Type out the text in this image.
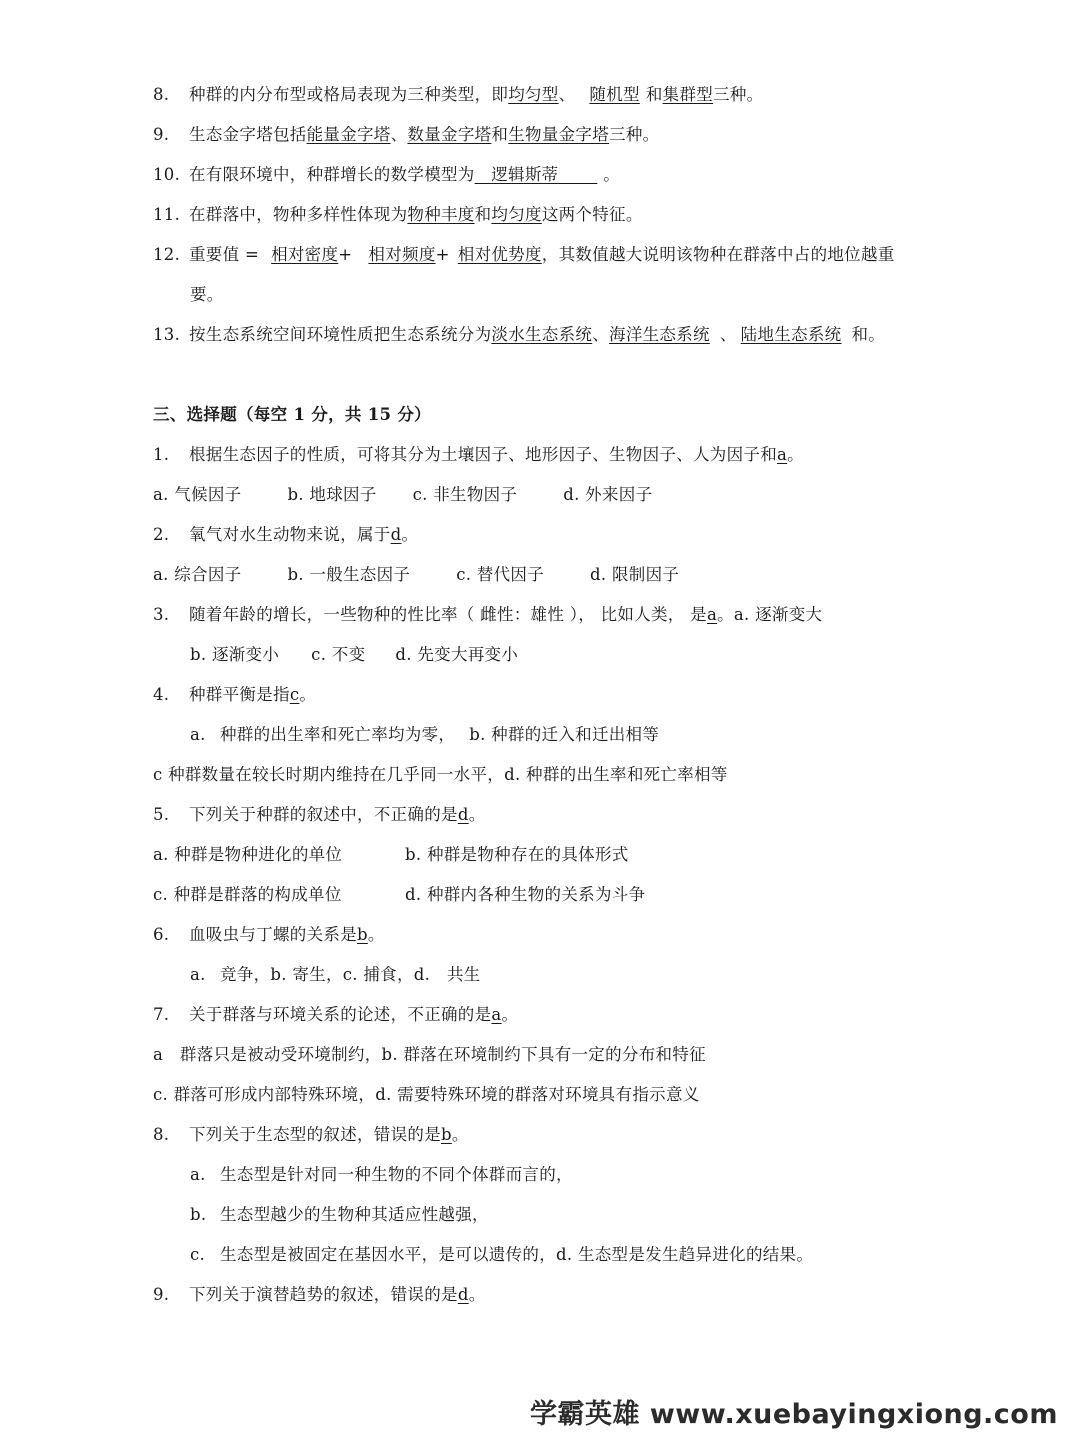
8. 种群的内分布型或格局表现为三种类型，即均匀型、 随机型 和集群型三种。
9. 生态金字塔包括能量金字塔、数量金字塔和生物量金字塔三种。
10. 在有限环境中，种群增长的数学模型为 逻辑斯蒂	。
11. 在群落中，物种多样性体现为物种丰度和均匀度这两个特征。
12. 重要值 = 相对密度+ 相对频度+ 相对优势度，其数值越大说明该物种在群落中占的地位越重
要。
13. 按生态系统空间环境性质把生态系统分为淡水生态系统、海洋生态系统 、 陆地生态系统 和。
三、选择题（每空 1 分，共 15 分）
1. 根据生态因子的性质，可将其分为土壤因子、地形因子、生物因子、人为因子和a。
a. 气候因子	b. 地球因子 c. 非生物因子	d. 外来因子
2. 氧气对水生动物来说，属于d。
a. 综合因子	b. 一般生态因子	c. 替代因子	d. 限制因子
3. 随着年龄的增长，一些物种的性比率（ 雌性：雄性 ）， 比如人类， 是a。a. 逐渐变大
b. 逐渐变小 c. 不变 d. 先变大再变小
4. 种群平衡是指c。
a. 种群的出生率和死亡率均为零， b. 种群的迁入和迁出相等
c 种群数量在较长时期内维持在几乎同一水平，d. 种群的出生率和死亡率相等
5. 下列关于种群的叙述中，不正确的是d。
a. 种群是物种进化的单位	b. 种群是物种存在的具体形式
c. 种群是群落的构成单位	d. 种群内各种生物的关系为斗争
6. 血吸虫与丁螺的关系是b。
a. 竞争，b. 寄生，c. 捕食，d.　共生
7. 关于群落与环境关系的论述，不正确的是a。
a　群落只是被动受环境制约，b. 群落在环境制约下具有一定的分布和特征
c. 群落可形成内部特殊环境，d. 需要特殊环境的群落对环境具有指示意义
8. 下列关于生态型的叙述，错误的是b。
a. 生态型是针对同一种生物的不同个体群而言的，
b. 生态型越少的生物种其适应性越强，
c. 生态型是被固定在基因水平，是可以遗传的，d. 生态型是发生趋异进化的结果。
9. 下列关于演替趋势的叙述，错误的是d。
学霸英雄 www.xuebayingxiong.com
